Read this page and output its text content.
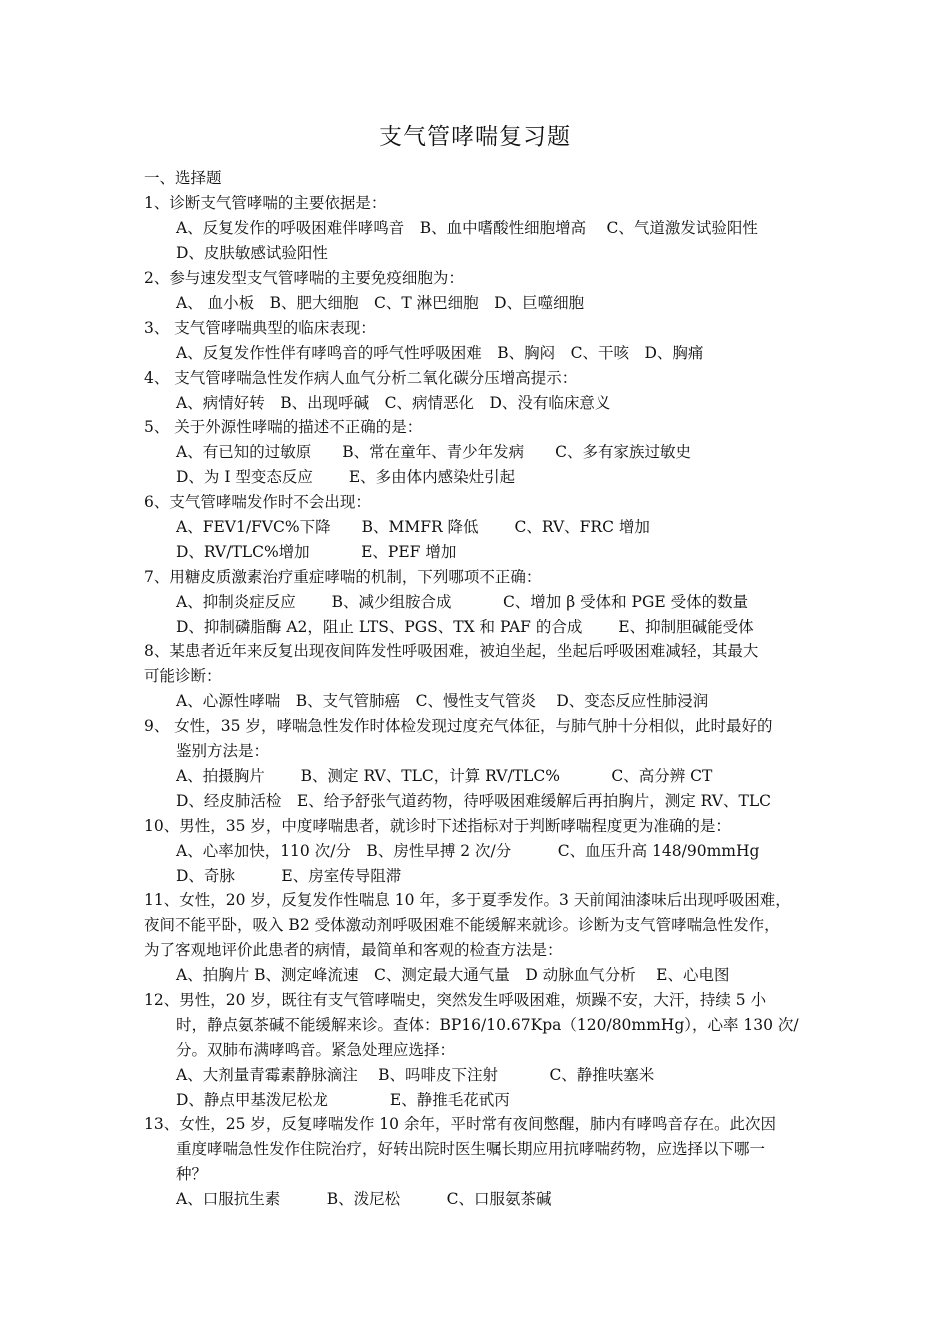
支气管哮喘复习题
一、选择题
1、诊断支气管哮喘的主要依据是：
A、反复发作的呼吸困难伴哮鸣音　B、血中嗜酸性细胞增高　 C、气道激发试验阳性
D、皮肤敏感试验阳性
2、参与速发型支气管哮喘的主要免疫细胞为：
A、 血小板　B、肥大细胞　C、T 淋巴细胞　D、巨噬细胞
3、 支气管哮喘典型的临床表现：
A、反复发作性伴有哮鸣音的呼气性呼吸困难　B、胸闷　C、干咳　D、胸痛
4、 支气管哮喘急性发作病人血气分析二氧化碳分压增高提示：
A、病情好转　B、出现呼碱　C、病情恶化　D、没有临床意义
5、 关于外源性哮喘的描述不正确的是：
A、有已知的过敏原　　B、常在童年、青少年发病　　C、多有家族过敏史
D、为 I 型变态反应　　 E、多由体内感染灶引起
6、支气管哮喘发作时不会出现：
A、FEV1/FVC%下降　　B、MMFR 降低　　 C、RV、FRC 增加
D、RV/TLC%增加　　　 E、PEF 增加
7、用糖皮质激素治疗重症哮喘的机制，下列哪项不正确：
A、抑制炎症反应　　 B、减少组胺合成　　　 C、增加 β 受体和 PGE 受体的数量
D、抑制磷脂酶 A2，阻止 LTS、PGS、TX 和 PAF 的合成　　 E、抑制胆碱能受体
8、某患者近年来反复出现夜间阵发性呼吸困难，被迫坐起，坐起后呼吸困难减轻，其最大
可能诊断：
A、心源性哮喘　B、支气管肺癌　C、慢性支气管炎　 D、变态反应性肺浸润
9、 女性，35 岁，哮喘急性发作时体检发现过度充气体征，与肺气肿十分相似，此时最好的
鉴别方法是：
A、拍摄胸片　　 B、测定 RV、TLC，计算 RV/TLC%　　　 C、高分辨 CT
D、经皮肺活检　E、给予舒张气道药物，待呼吸困难缓解后再拍胸片，测定 RV、TLC
10、男性，35 岁，中度哮喘患者，就诊时下述指标对于判断哮喘程度更为准确的是：
A、心率加快，110 次/分　B、房性早搏 2 次/分　　　C、血压升高 148/90mmHg
D、奇脉　　　E、房室传导阻滞
11、女性，20 岁，反复发作性喘息 10 年，多于夏季发作。3 天前闻油漆味后出现呼吸困难，
夜间不能平卧，吸入 B2 受体激动剂呼吸困难不能缓解来就诊。诊断为支气管哮喘急性发作，
为了客观地评价此患者的病情，最简单和客观的检查方法是：
A、拍胸片 B、测定峰流速　C、测定最大通气量　D 动脉血气分析　 E、心电图
12、男性，20 岁，既往有支气管哮喘史，突然发生呼吸困难，烦躁不安，大汗，持续 5 小
时，静点氨茶碱不能缓解来诊。查体：BP16/10.67Kpa（120/80mmHg），心率 130 次/
分。双肺布满哮鸣音。紧急处理应选择：
A、大剂量青霉素静脉滴注　 B、吗啡皮下注射　　　 C、静推呋塞米
D、静点甲基泼尼松龙　　　　E、静推毛花甙丙
13、女性，25 岁，反复哮喘发作 10 余年，平时常有夜间憋醒，肺内有哮鸣音存在。此次因
重度哮喘急性发作住院治疗，好转出院时医生嘱长期应用抗哮喘药物，应选择以下哪一
种？
A、口服抗生素　　　B、泼尼松　　　C、口服氨茶碱
